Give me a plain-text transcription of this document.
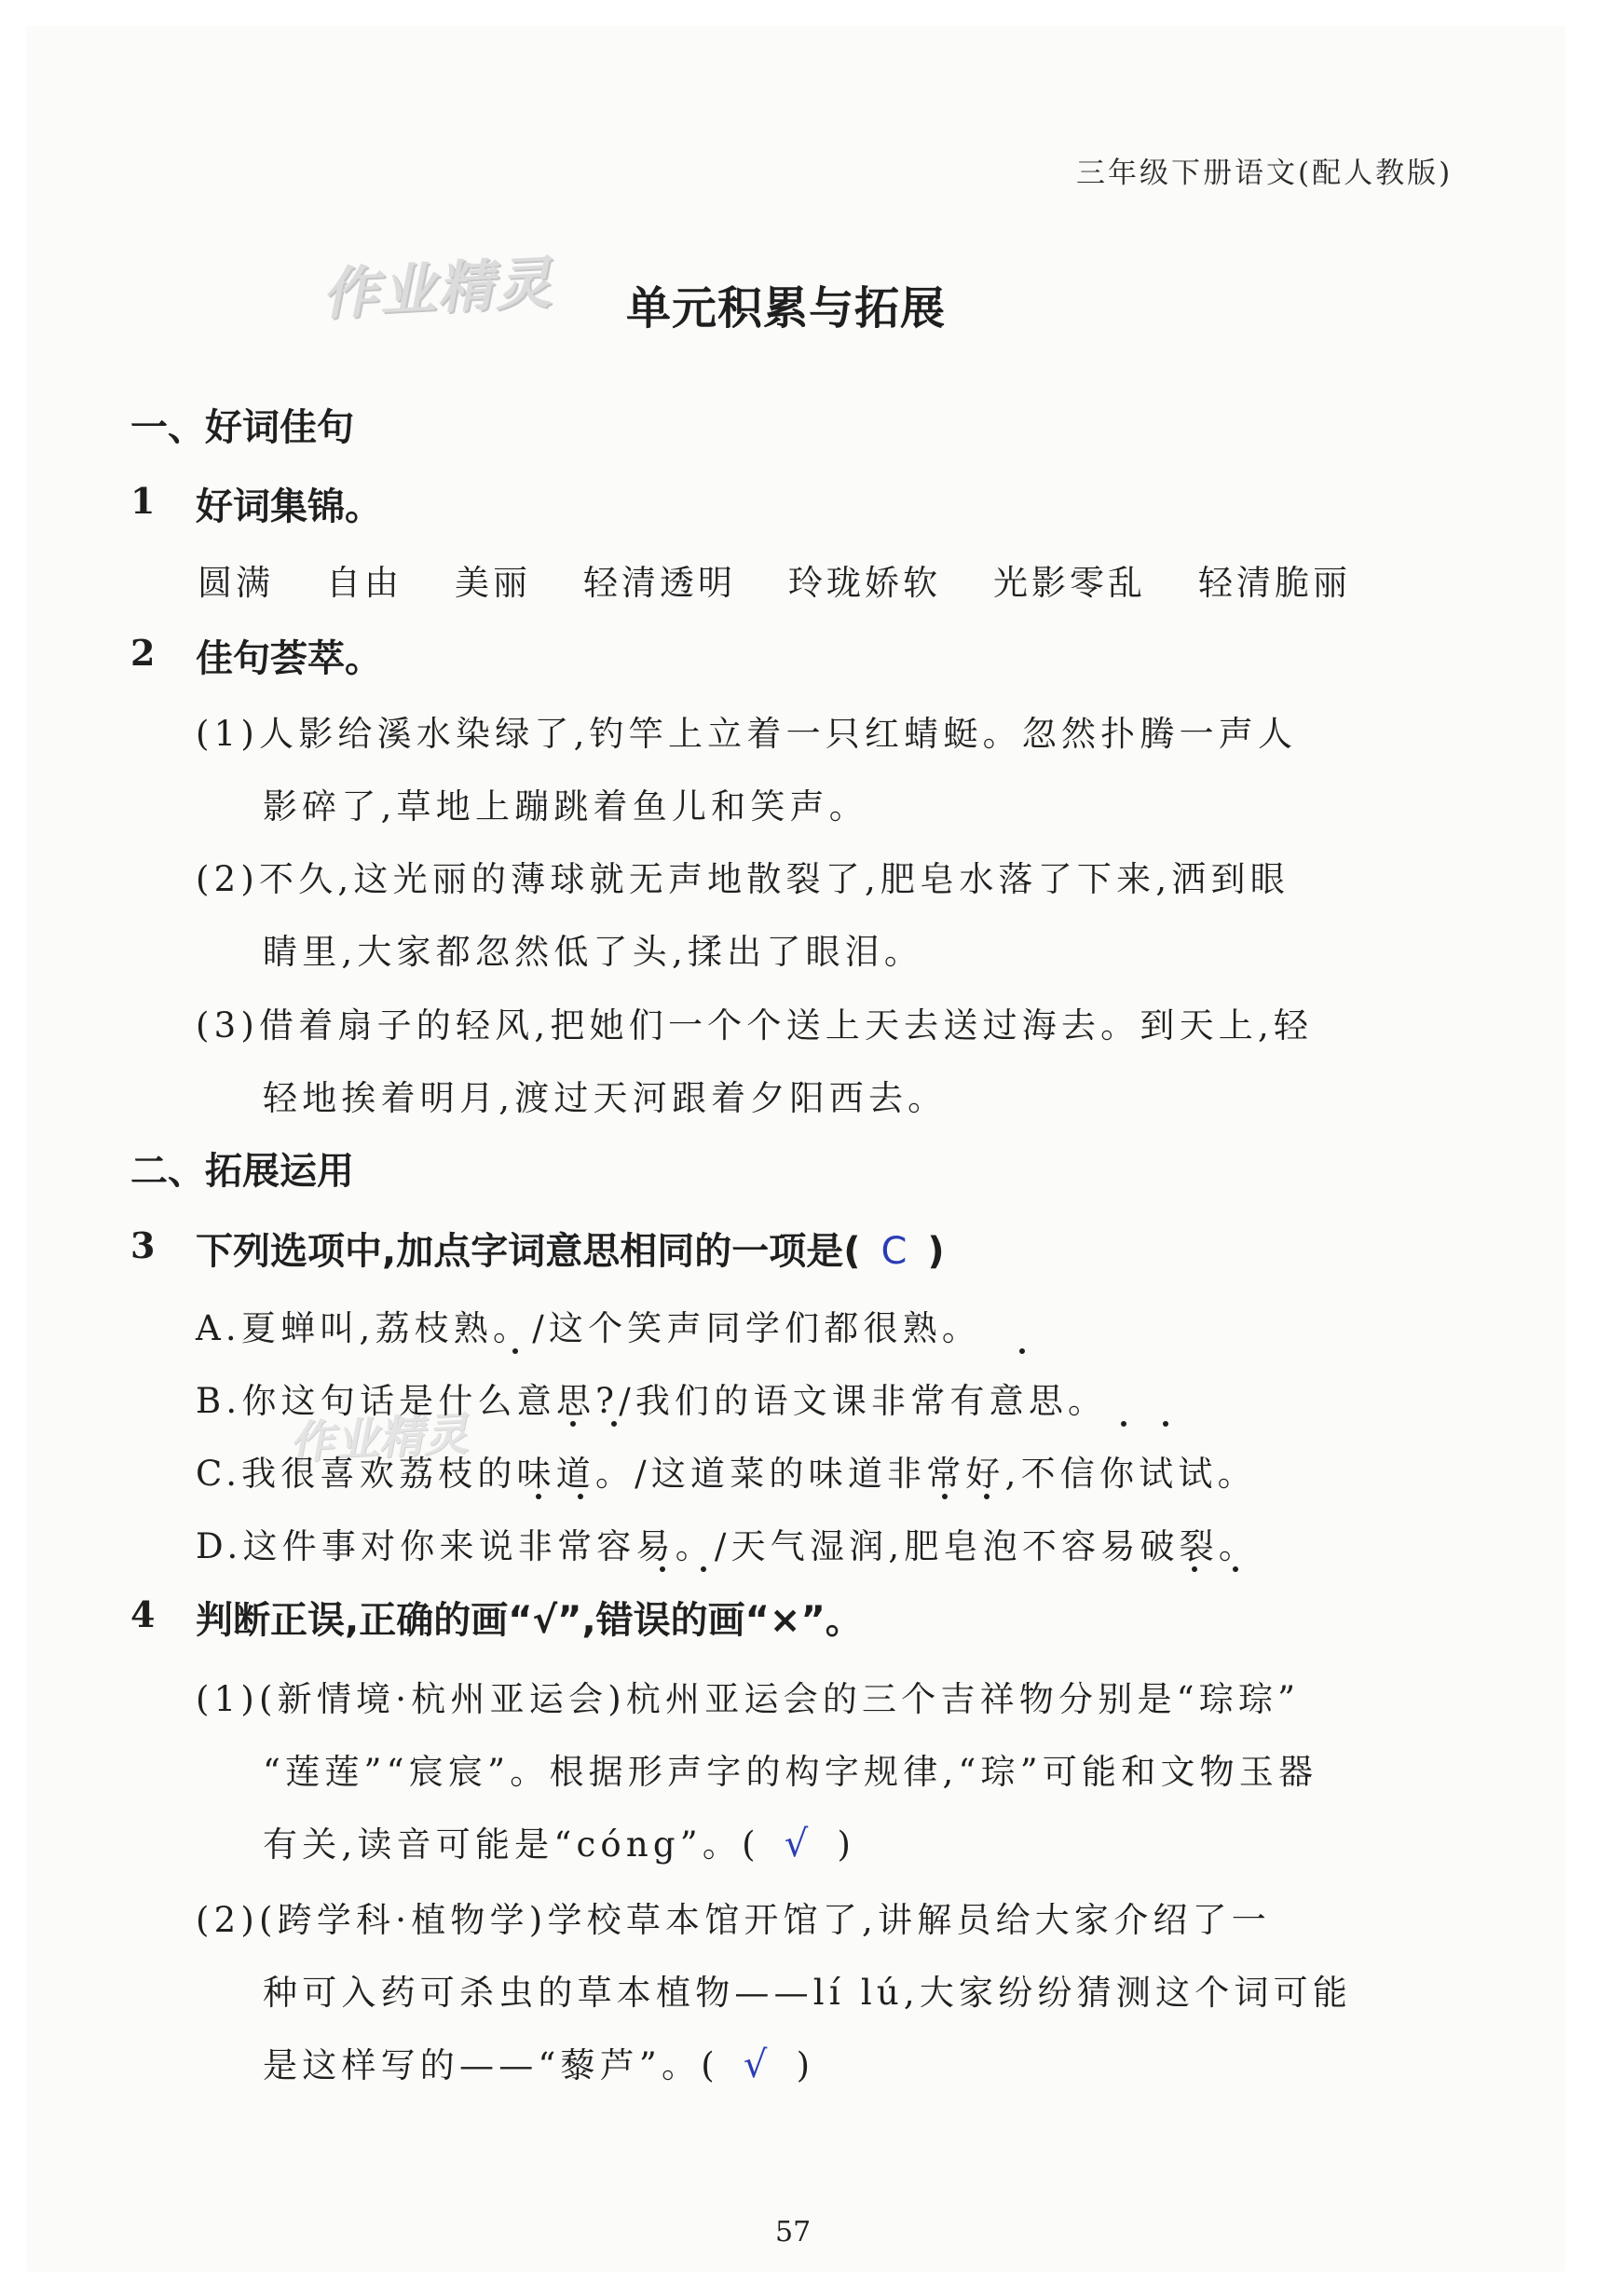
三年级下册语文(配人教版)
作业精灵
作业精灵
单元积累与拓展
一、好词佳句
1 好词集锦。
圆满 自由 美丽 轻清透明 玲珑娇软 光影零乱 轻清脆丽
2 佳句荟萃。
(1)人影给溪水染绿了,钓竿上立着一只红蜻蜓。忽然扑腾一声人
影碎了,草地上蹦跳着鱼儿和笑声。
(2)不久,这光丽的薄球就无声地散裂了,肥皂水落了下来,洒到眼
睛里,大家都忽然低了头,揉出了眼泪。
(3)借着扇子的轻风,把她们一个个送上天去送过海去。到天上,轻
轻地挨着明月,渡过天河跟着夕阳西去。
二、拓展运用
3 下列选项中,加点字词意思相同的一项是( C )
A.夏蝉叫,荔枝熟。/这个笑声同学们都很熟。
B.你这句话是什么意思?/我们的语文课非常有意思。
C.我很喜欢荔枝的味道。/这道菜的味道非常好,不信你试试。
D.这件事对你来说非常容易。/天气湿润,肥皂泡不容易破裂。
4 判断正误,正确的画“√”,错误的画“×”。
(1)(新情境·杭州亚运会)杭州亚运会的三个吉祥物分别是“琮琮”
“莲莲”“宸宸”。根据形声字的构字规律,“琮”可能和文物玉器
有关,读音可能是“cóng”。( √ )
(2)(跨学科·植物学)学校草本馆开馆了,讲解员给大家介绍了一
种可入药可杀虫的草本植物——lí lú,大家纷纷猜测这个词可能
是这样写的——“藜芦”。( √ )
57
